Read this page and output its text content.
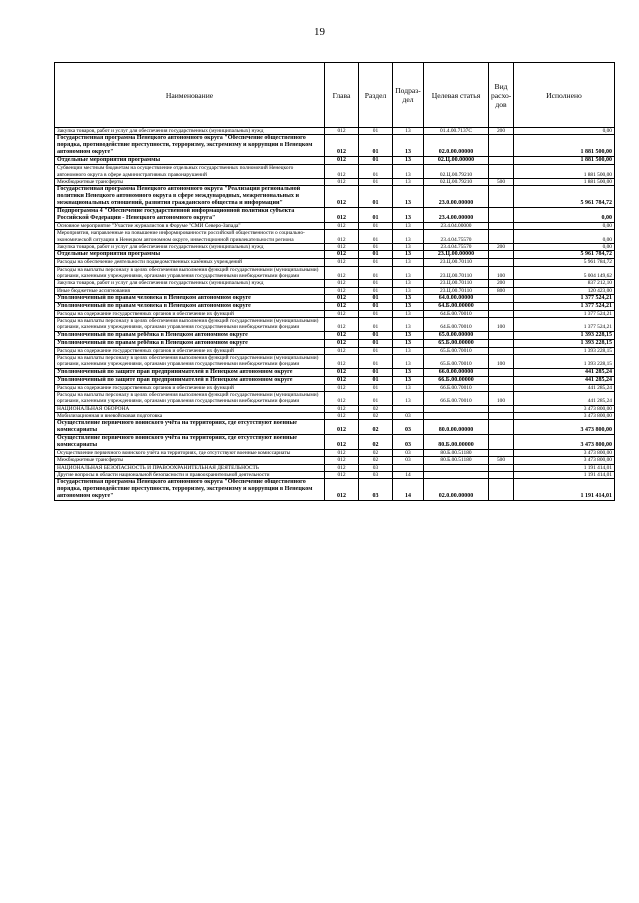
19
Наименование	Глава	Раздел	Подраз-дел	Целевая статья	Вид расхо-дов	Исполнено
Закупка товаров, работ и услуг для обеспечения государственных (муниципальных) нужд	012	01	13	01.4.00.7137С	200	0,00
Государственная программа Ненецкого автономного округа "Обеспечение общественного порядка, противодействие преступности, терроризму, экстремизму и коррупции в Ненецком автономном округе"	012	01	13	02.0.00.00000		1 881 500,00
Отдельные мероприятия программы	012	01	13	02.Ц.00.00000		1 881 500,00
Субвенции местным бюджетам на осуществление отдельных государственных полномочий Ненецкого автономного округа в сфере административных правонарушений	012	01	13	02.Ц.00.79210		1 881 500,00
Межбюджетные трансферты	012	01	13	02.Ц.00.79210	500	1 881 500,00
Государственная программа Ненецкого автономного округа "Реализация региональной политики Ненецкого автономного округа в сфере международных, межрегиональных и межнациональных отношений, развития гражданского общества и информации"	012	01	13	23.0.00.00000		5 961 784,72
Подпрограмма 4 "Обеспечение государственной информационной политики субъекта Российской Федерации - Ненецкого автономного округа"	012	01	13	23.4.00.00000		0,00
Основное мероприятие "Участие журналистов в Форуме "СМИ Северо-Запада"	012	01	13	23.4.04.00000		0,00
Мероприятия, направленные на повышение информированности российской общественности о социально-экономической ситуации в Ненецком автономном округе, инвестиционной привлекательности региона	012	01	13	23.4.04.75570		0,00
Закупка товаров, работ и услуг для обеспечения государственных (муниципальных) нужд	012	01	13	23.4.04.75570	200	0,00
Отдельные мероприятия программы	012	01	13	23.Ц.00.00000		5 961 784,72
Расходы на обеспечение деятельности подведомственных казённых учреждений	012	01	13	23.Ц.00.70110		5 961 784,72
Расходы на выплаты персоналу в целях обеспечения выполнения функций государственными (муниципальными) органами, казенными учреждениями, органами управления государственными внебюджетными фондами	012	01	13	23.Ц.00.70110	100	5 004 149,62
Закупка товаров, работ и услуг для обеспечения государственных (муниципальных) нужд	012	01	13	23.Ц.00.70110	200	837 212,10
Иные бюджетные ассигнования	012	01	13	23.Ц.00.70110	800	120 423,00
Уполномоченный по правам человека в Ненецком автономном округе	012	01	13	64.0.00.00000		1 377 524,21
Уполномоченный по правам человека в Ненецком автономном округе	012	01	13	64.Б.00.00000		1 377 524,21
Расходы на содержание государственных органов и обеспечение их функций	012	01	13	64.Б.00.70010		1 377 524,21
Расходы на выплаты персоналу в целях обеспечения выполнения функций государственными (муниципальными) органами, казенными учреждениями, органами управления государственными внебюджетными фондами	012	01	13	64.Б.00.70010	100	1 377 524,21
Уполномоченный по правам ребёнка в Ненецком автономном округе	012	01	13	65.0.00.00000		1 393 228,15
Уполномоченный по правам ребёнка в Ненецком автономном округе	012	01	13	65.Б.00.00000		1 393 228,15
Расходы на содержание государственных органов и обеспечение их функций	012	01	13	65.Б.00.70010		1 393 228,15
Расходы на выплаты персоналу в целях обеспечения выполнения функций государственными (муниципальными) органами, казенными учреждениями, органами управления государственными внебюджетными фондами	012	01	13	65.Б.00.70010	100	1 393 228,15
Уполномоченный по защите прав предпринимателей в Ненецком автономном округе	012	01	13	66.0.00.00000		441 285,24
Уполномоченный по защите прав предпринимателей в Ненецком автономном округе	012	01	13	66.Б.00.00000		441 285,24
Расходы на содержание государственных органов и обеспечение их функций	012	01	13	66.Б.00.70010		441 285,24
Расходы на выплаты персоналу в целях обеспечения выполнения функций государственными (муниципальными) органами, казенными учреждениями, органами управления государственными внебюджетными фондами	012	01	13	66.Б.00.70010	100	441 285,24
НАЦИОНАЛЬНАЯ ОБОРОНА	012	02				3 473 800,00
Мобилизационная и вневойсковая подготовка	012	02	03			3 473 800,00
Осуществление первичного воинского учёта на территориях, где отсутствуют военные комиссариаты	012	02	03	80.0.00.00000		3 473 800,00
Осуществление первичного воинского учёта на территориях, где отсутствуют военные комиссариаты	012	02	03	80.Б.00.00000		3 473 800,00
Осуществление первичного воинского учёта на территориях, где отсутствуют военные комиссариаты	012	02	03	80.Б.00.51180		3 473 800,00
Межбюджетные трансферты	012	02	03	80.Б.00.51180	500	3 473 800,00
НАЦИОНАЛЬНАЯ БЕЗОПАСНОСТЬ И ПРАВООХРАНИТЕЛЬНАЯ ДЕЯТЕЛЬНОСТЬ	012	03				1 191 414,01
Другие вопросы в области национальной безопасности и правоохранительной деятельности	012	03	14			1 191 414,01
Государственная программа Ненецкого автономного округа "Обеспечение общественного порядка, противодействие преступности, терроризму, экстремизму и коррупции в Ненецком автономном округе"	012	03	14	02.0.00.00000		1 191 414,01
